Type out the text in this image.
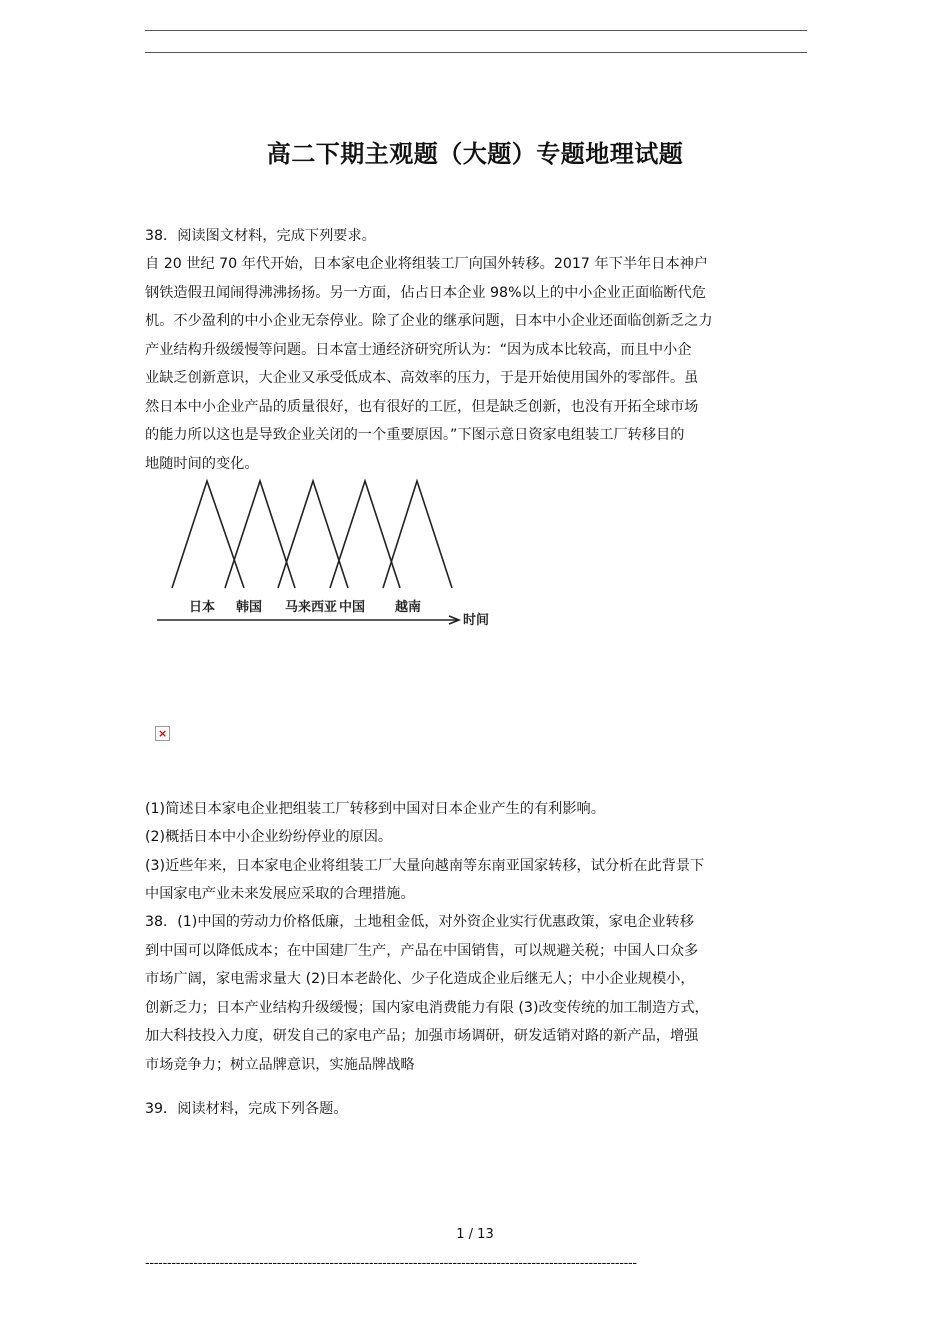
高二下期主观题（大题）专题地理试题
38．阅读图文材料，完成下列要求。
自 20 世纪 70 年代开始，日本家电企业将组装工厂向国外转移。2017 年下半年日本神户
钢铁造假丑闻闹得沸沸扬扬。另一方面，佔占日本企业 98%以上的中小企业正面临断代危
机。不少盈利的中小企业无奈停业。除了企业的继承问题，日本中小企业还面临创新乏之力
产业结构升级缓慢等问题。日本富士通经济研究所认为：“因为成本比较高，而且中小企
业缺乏创新意识，大企业又承受低成本、高效率的压力，于是开始使用国外的零部件。虽
然日本中小企业产品的质量很好，也有很好的工匠，但是缺乏创新，也没有开拓全球市场
的能力所以这也是导致企业关闭的一个重要原因。”下图示意日资家电组装工厂转移目的
地随时间的变化。
日本 韩国 马来西亚 中国 越南
时间
×
(1)简述日本家电企业把组装工厂转移到中国对日本企业产生的有利影响。
(2)概括日本中小企业纷纷停业的原因。
(3)近些年来，日本家电企业将组装工厂大量向越南等东南亚国家转移，试分析在此背景下
中国家电产业未来发展应采取的合理措施。
38．(1)中国的劳动力价格低廉，土地租金低，对外资企业实行优惠政策，家电企业转移
到中国可以降低成本；在中国建厂生产，产品在中国销售，可以规避关税；中国人口众多
市场广阔，家电需求量大 (2)日本老龄化、少子化造成企业后继无人；中小企业规模小，
创新乏力；日本产业结构升级缓慢；国内家电消费能力有限 (3)改变传统的加工制造方式，
加大科技投入力度，研发自己的家电产品；加强市场调研，研发适销对路的新产品，增强
市场竞争力；树立品牌意识，实施品牌战略
39．阅读材料，完成下列各题。
1 / 13
----------------------------------------------------------------------------------------------------------------
